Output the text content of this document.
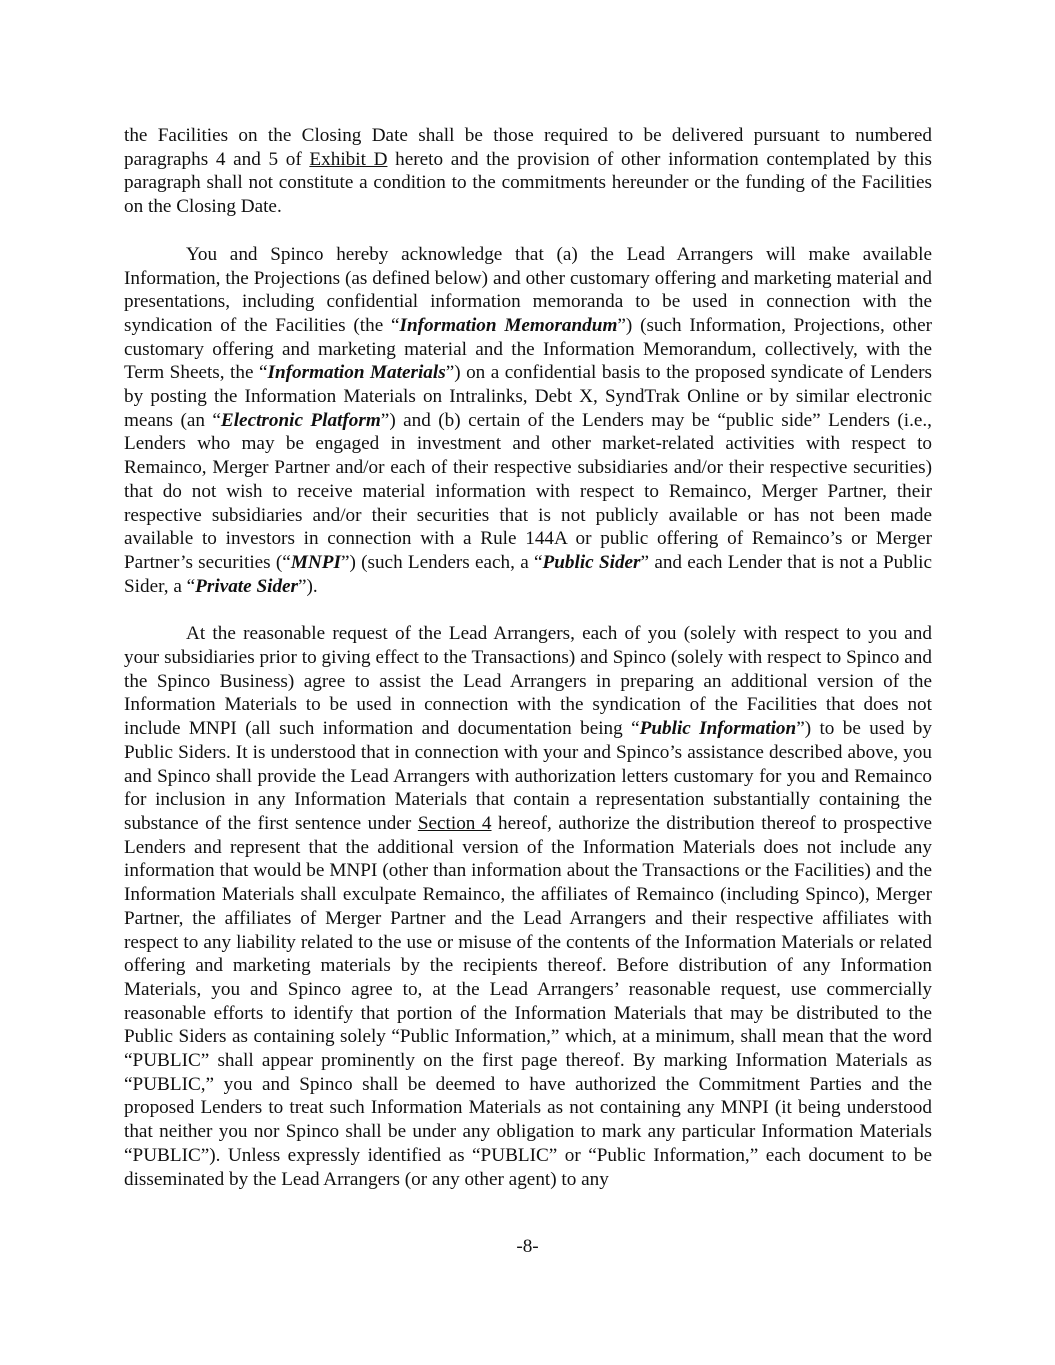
the Facilities on the Closing Date shall be those required to be delivered pursuant to numbered paragraphs 4 and 5 of Exhibit D hereto and the provision of other information contemplated by this paragraph shall not constitute a condition to the commitments hereunder or the funding of the Facilities on the Closing Date.

You and Spinco hereby acknowledge that (a) the Lead Arrangers will make available Information, the Projections (as defined below) and other customary offering and marketing material and presentations, including confidential information memoranda to be used in connection with the syndication of the Facilities (the “Information Memorandum”) (such Information, Projections, other customary offering and marketing material and the Information Memorandum, collectively, with the Term Sheets, the “Information Materials”) on a confidential basis to the proposed syndicate of Lenders by posting the Information Materials on Intralinks, Debt X, SyndTrak Online or by similar electronic means (an “Electronic Platform”) and (b) certain of the Lenders may be “public side” Lenders (i.e., Lenders who may be engaged in investment and other market-related activities with respect to Remainco, Merger Partner and/or each of their respective subsidiaries and/or their respective securities) that do not wish to receive material information with respect to Remainco, Merger Partner, their respective subsidiaries and/or their securities that is not publicly available or has not been made available to investors in connection with a Rule 144A or public offering of Remainco’s or Merger Partner’s securities (“MNPI”) (such Lenders each, a “Public Sider” and each Lender that is not a Public Sider, a “Private Sider”).

At the reasonable request of the Lead Arrangers, each of you (solely with respect to you and your subsidiaries prior to giving effect to the Transactions) and Spinco (solely with respect to Spinco and the Spinco Business) agree to assist the Lead Arrangers in preparing an additional version of the Information Materials to be used in connection with the syndication of the Facilities that does not include MNPI (all such information and documentation being “Public Information”) to be used by Public Siders. It is understood that in connection with your and Spinco’s assistance described above, you and Spinco shall provide the Lead Arrangers with authorization letters customary for you and Remainco for inclusion in any Information Materials that contain a representation substantially containing the substance of the first sentence under Section 4 hereof, authorize the distribution thereof to prospective Lenders and represent that the additional version of the Information Materials does not include any information that would be MNPI (other than information about the Transactions or the Facilities) and the Information Materials shall exculpate Remainco, the affiliates of Remainco (including Spinco), Merger Partner, the affiliates of Merger Partner and the Lead Arrangers and their respective affiliates with respect to any liability related to the use or misuse of the contents of the Information Materials or related offering and marketing materials by the recipients thereof. Before distribution of any Information Materials, you and Spinco agree to, at the Lead Arrangers’ reasonable request, use commercially reasonable efforts to identify that portion of the Information Materials that may be distributed to the Public Siders as containing solely “Public Information,” which, at a minimum, shall mean that the word “PUBLIC” shall appear prominently on the first page thereof. By marking Information Materials as “PUBLIC,” you and Spinco shall be deemed to have authorized the Commitment Parties and the proposed Lenders to treat such Information Materials as not containing any MNPI (it being understood that neither you nor Spinco shall be under any obligation to mark any particular Information Materials “PUBLIC”). Unless expressly identified as “PUBLIC” or “Public Information,” each document to be disseminated by the Lead Arrangers (or any other agent) to any

-8-
